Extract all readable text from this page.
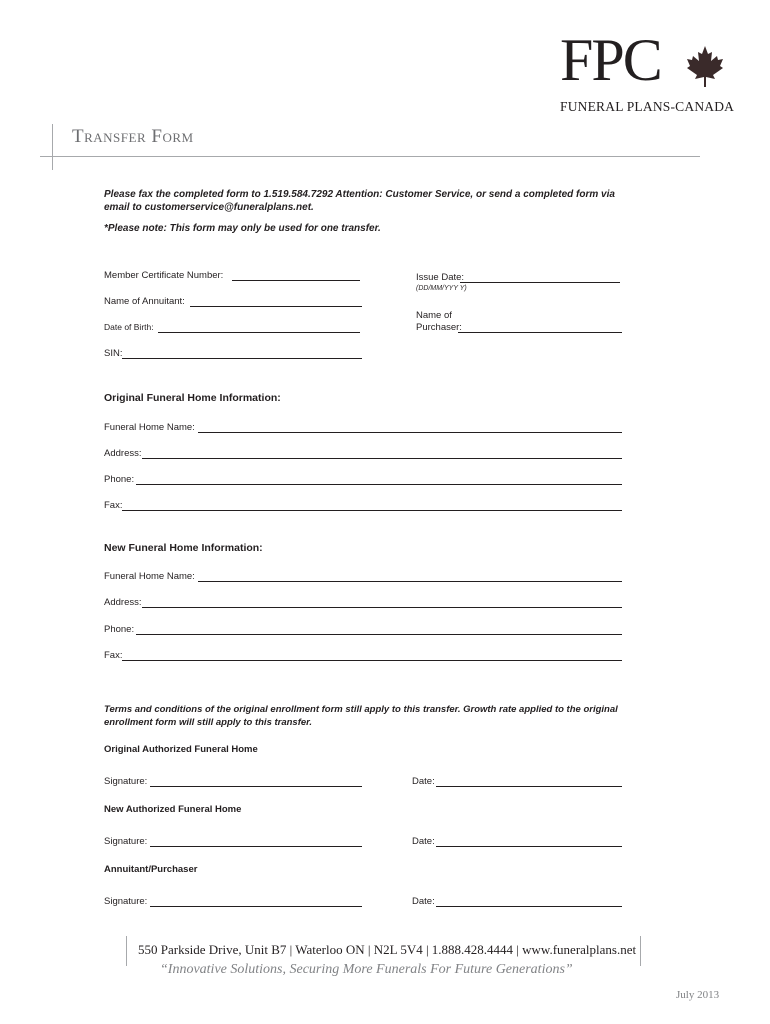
FPC
FUNERAL PLANS-CANADA
Transfer Form
Please fax the completed form to 1.519.584.7292 Attention: Customer Service, or send a completed form via email to customerservice@funeralplans.net.
*Please note: This form may only be used for one transfer.
Member Certificate Number:	Issue Date:
(DD/MM/YYY Y)
Name of Annuitant:
Name of
Purchaser:
Date of Birth:
SIN:
Original Funeral Home Information:
Funeral Home Name:
Address:
Phone:
Fax:
New Funeral Home Information:
Funeral Home Name:
Address:
Phone:
Fax:
Terms and conditions of the original enrollment form still apply to this transfer. Growth rate applied to the original enrollment form will still apply to this transfer.
Original Authorized Funeral Home
Signature:	Date:
New Authorized Funeral Home
Signature:	Date:
Annuitant/Purchaser
Signature:	Date:
550 Parkside Drive, Unit B7 | Waterloo ON | N2L 5V4 | 1.888.428.4444 | www.funeralplans.net
“Innovative Solutions, Securing More Funerals For Future Generations”
July 2013
